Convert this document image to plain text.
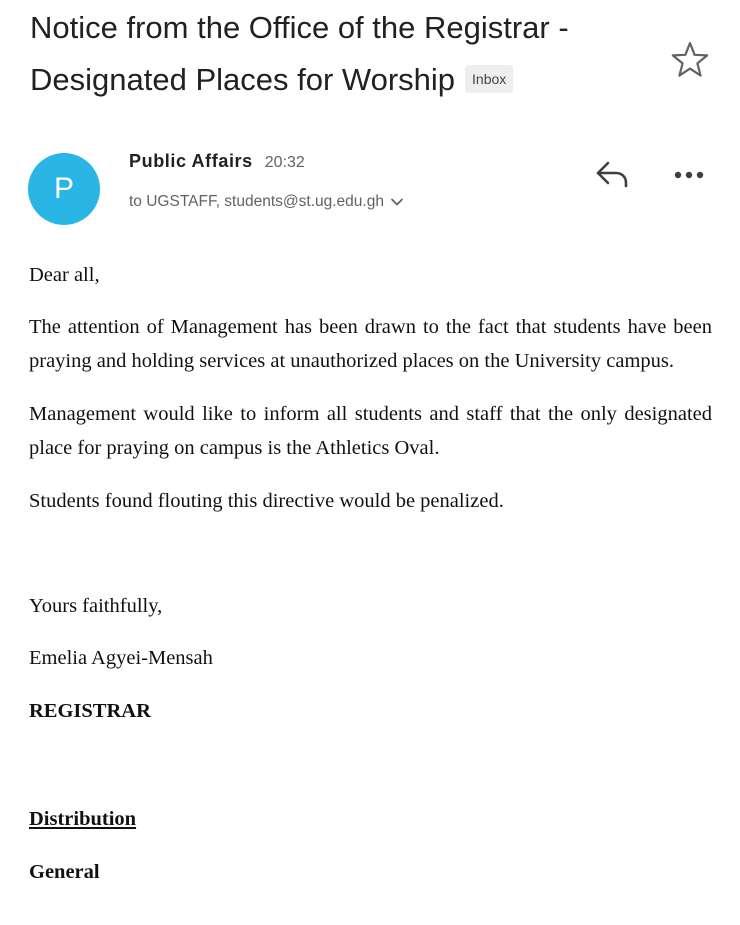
Notice from the Office of the Registrar - Designated Places for Worship Inbox
P
Public Affairs 20:32
to UGSTAFF, students@st.ug.edu.gh

Dear all,

The attention of Management has been drawn to the fact that students have been praying and holding services at unauthorized places on the University campus.

Management would like to inform all students and staff that the only designated place for praying on campus is the Athletics Oval.

Students found flouting this directive would be penalized.

Yours faithfully,

Emelia Agyei-Mensah

REGISTRAR

Distribution

General
